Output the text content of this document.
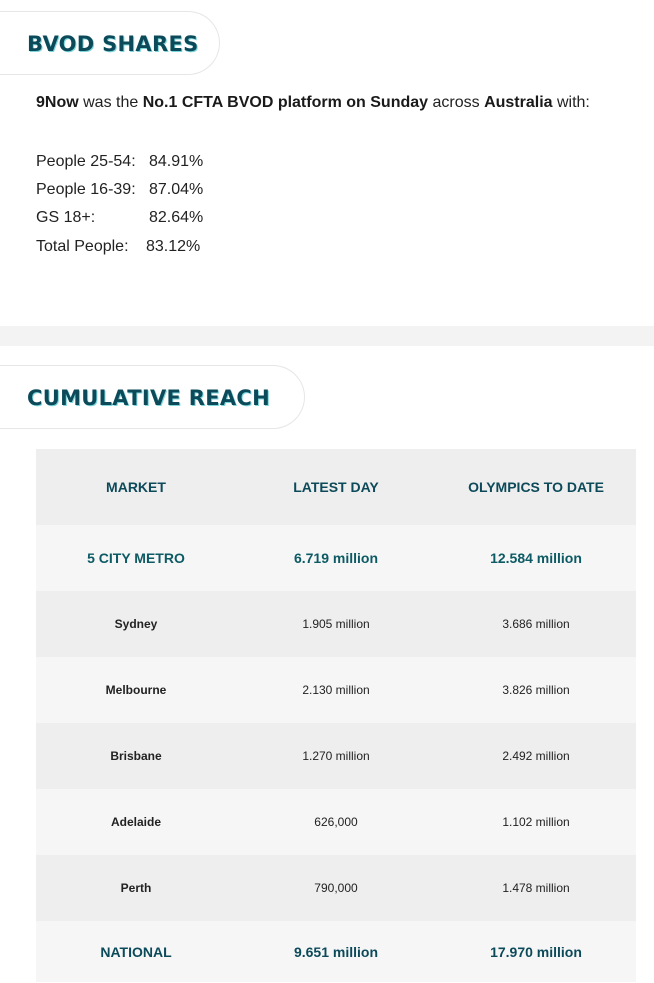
BVOD SHARES
9Now was the No.1 CFTA BVOD platform on Sunday across Australia with:
People 25-54: 84.91%
People 16-39: 87.04%
GS 18+:	82.64%
Total People: 83.12%
CUMULATIVE REACH
MARKET	LATEST DAY	OLYMPICS TO DATE
5 CITY METRO	6.719 million	12.584 million
Sydney	1.905 million	3.686 million
Melbourne	2.130 million	3.826 million
Brisbane	1.270 million	2.492 million
Adelaide	626,000	1.102 million
Perth	790,000	1.478 million
NATIONAL	9.651 million	17.970 million
